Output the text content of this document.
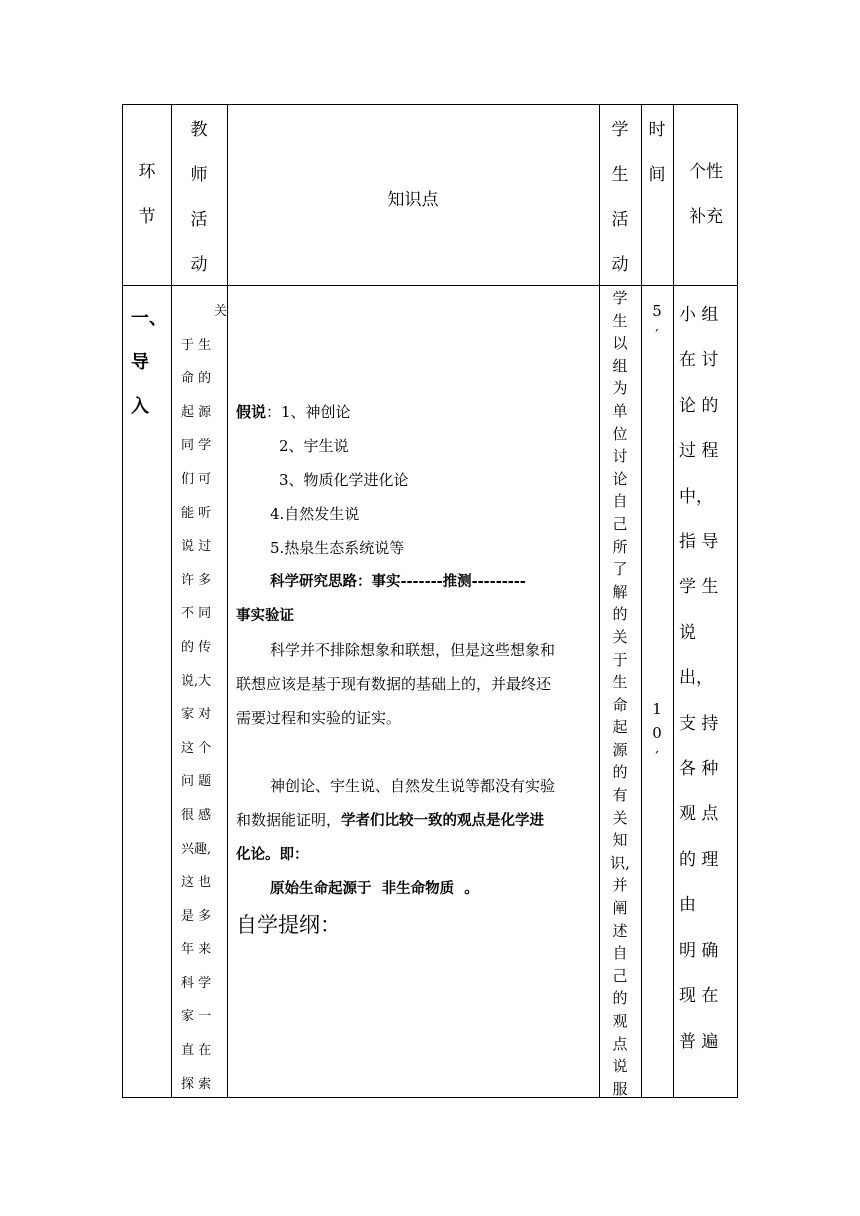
环
节
教
师
活
动
知识点
学
生
活
动
时
间	个性
补充
一、
导
入
关
于 生
命 的
起 源
同 学
们 可
能 听
说 过
许 多
不 同
的 传
说,大
家 对
这 个
问 题
很 感
兴趣,
这 也
是 多
年 来
科 学
家 一
直 在
探 索
假说：1、神创论
2、宇生说
3、物质化学进化论
4.自然发生说
5.热泉生态系统说等
科学研究思路：事实-------推测---------
事实验证
科学并不排除想象和联想，但是这些想象和
联想应该是基于现有数据的基础上的，并最终还
需要过程和实验的证实。
神创论、宇生说、自然发生说等都没有实验
和数据能证明，学者们比较一致的观点是化学进
化论。即：
原始生命起源于  非生命物质  。
自学提纲：
学
生
以
组
为
单
位
讨
论
自
己
所
了
解
的
关
于
生
命
起
源
的
有
关
知
识,
并
阐
述
自
己
的
观
点
说
服
5
′
1
0
′
小 组
在 讨
论 的
过 程
中，
指 导
学 生
说
出，
支 持
各 种
观 点
的 理
由
明 确
现 在
普 遍
